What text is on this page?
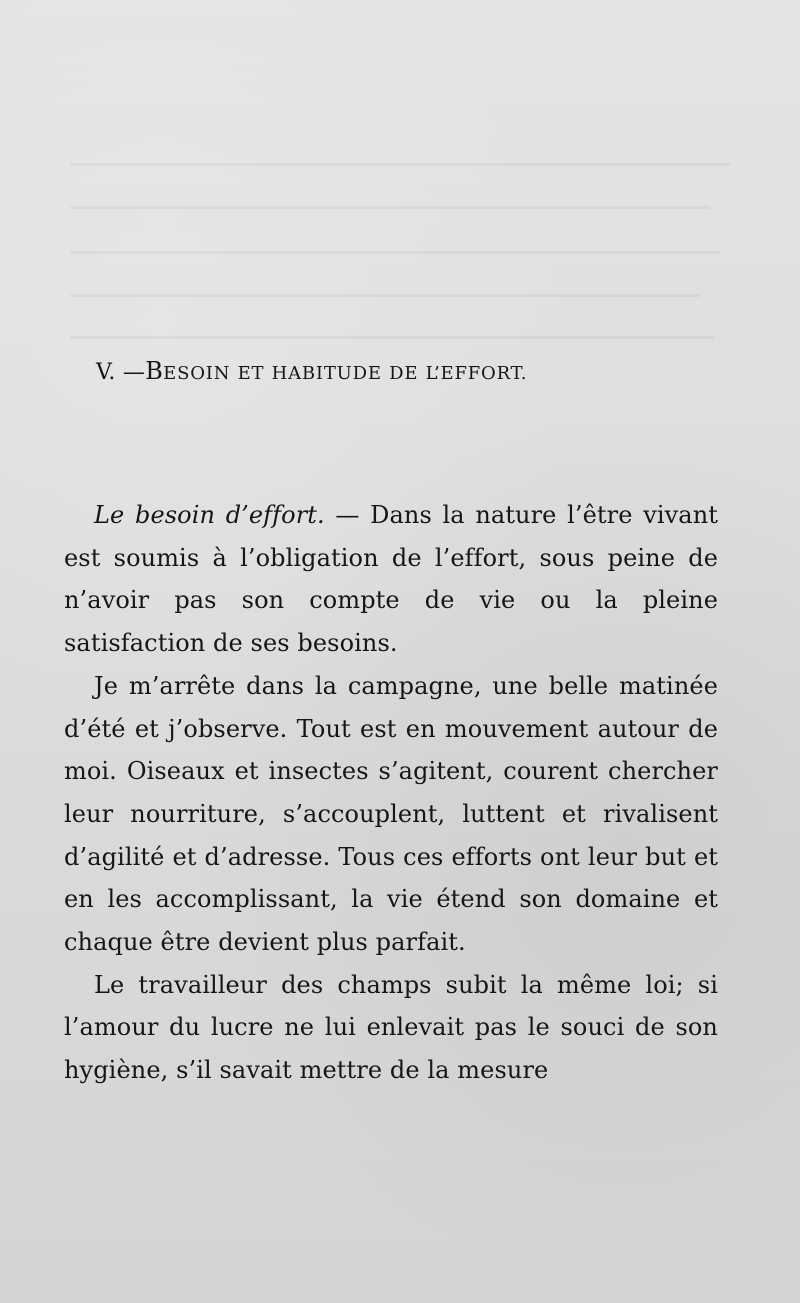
V. —BESOIN ET HABITUDE DE L’EFFORT.

Le besoin d’effort. — Dans la nature l’être vivant est soumis à l’obligation de l’effort, sous peine de n’avoir pas son compte de vie ou la pleine satisfaction de ses besoins.

Je m’arrête dans la campagne, une belle matinée d’été et j’observe. Tout est en mouvement autour de moi. Oiseaux et insectes s’agitent, courent chercher leur nourriture, s’accouplent, luttent et rivalisent d’agilité et d’adresse. Tous ces efforts ont leur but et en les accomplissant, la vie étend son domaine et chaque être devient plus parfait.

Le travailleur des champs subit la même loi; si l’amour du lucre ne lui enlevait pas le souci de son hygiène, s’il savait mettre de la mesure
